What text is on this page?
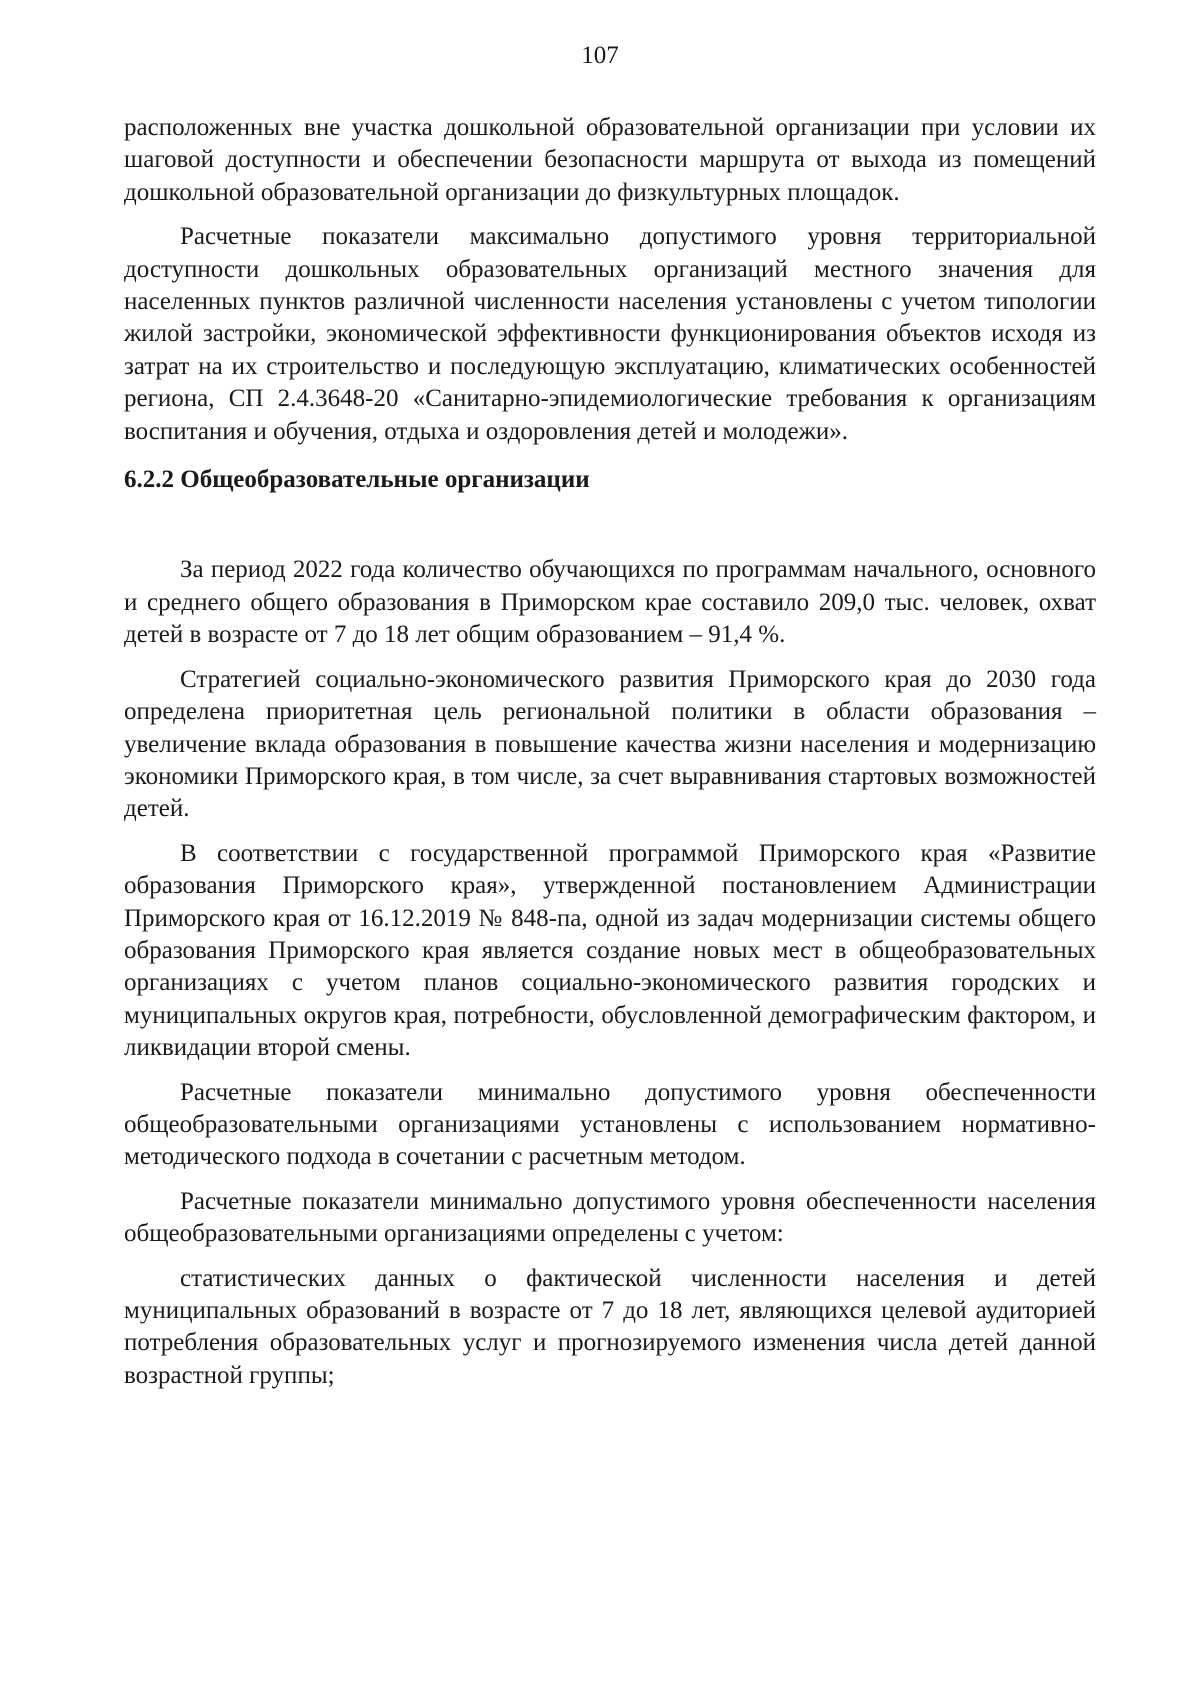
107

расположенных вне участка дошкольной образовательной организации при условии их шаговой доступности и обеспечении безопасности маршрута от выхода из помещений дошкольной образовательной организации до физкультурных площадок.

Расчетные показатели максимально допустимого уровня территориальной доступности дошкольных образовательных организаций местного значения для населенных пунктов различной численности населения установлены с учетом типологии жилой застройки, экономической эффективности функционирования объектов исходя из затрат на их строительство и последующую эксплуатацию, климатических особенностей региона, СП 2.4.3648-20 «Санитарно-эпидемиологические требования к организациям воспитания и обучения, отдыха и оздоровления детей и молодежи».

6.2.2 Общеобразовательные организации

За период 2022 года количество обучающихся по программам начального, основного и среднего общего образования в Приморском крае составило 209,0 тыс. человек, охват детей в возрасте от 7 до 18 лет общим образованием – 91,4 %.

Стратегией социально-экономического развития Приморского края до 2030 года определена приоритетная цель региональной политики в области образования – увеличение вклада образования в повышение качества жизни населения и модернизацию экономики Приморского края, в том числе, за счет выравнивания стартовых возможностей детей.

В соответствии с государственной программой Приморского края «Развитие образования Приморского края», утвержденной постановлением Администрации Приморского края от 16.12.2019 № 848-па, одной из задач модернизации системы общего образования Приморского края является создание новых мест в общеобразовательных организациях с учетом планов социально-экономического развития городских и муниципальных округов края, потребности, обусловленной демографическим фактором, и ликвидации второй смены.

Расчетные показатели минимально допустимого уровня обеспеченности общеобразовательными организациями установлены с использованием нормативно-методического подхода в сочетании с расчетным методом.

Расчетные показатели минимально допустимого уровня обеспеченности населения общеобразовательными организациями определены с учетом:

статистических данных о фактической численности населения и детей муниципальных образований в возрасте от 7 до 18 лет, являющихся целевой аудиторией потребления образовательных услуг и прогнозируемого изменения числа детей данной возрастной группы;
